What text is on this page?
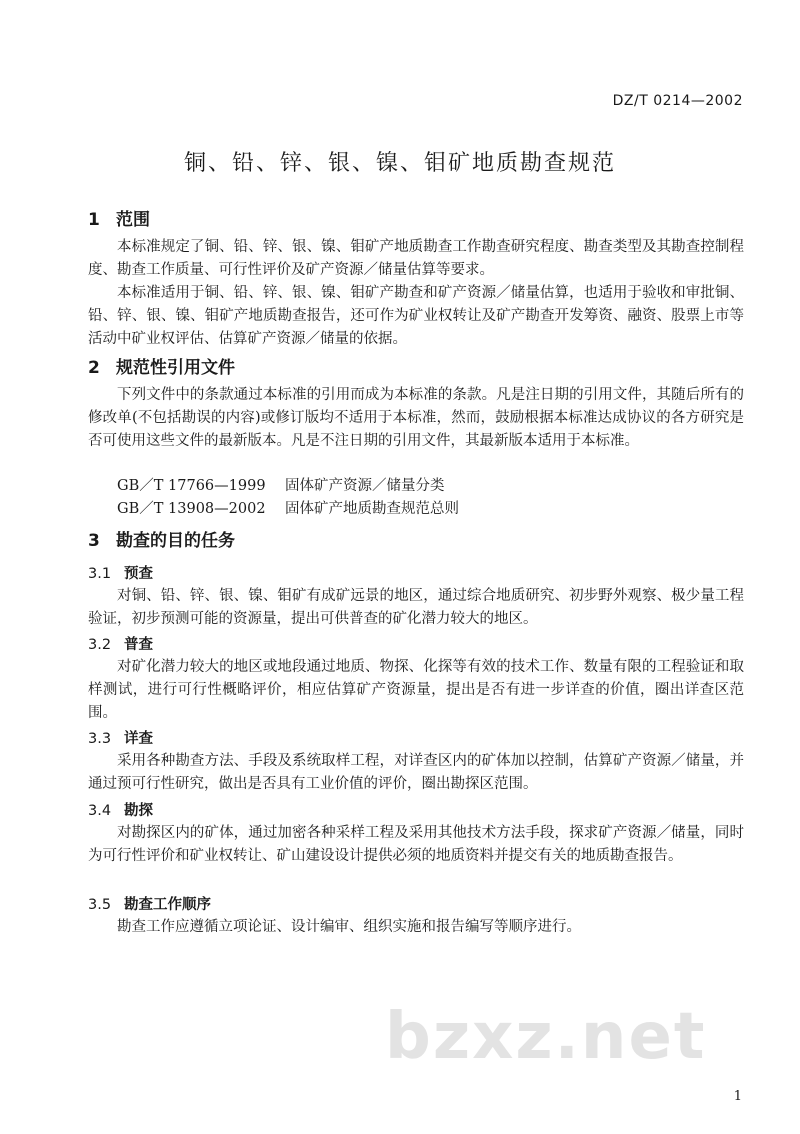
DZ/T 0214—2002
铜、铅、锌、银、镍、钼矿地质勘查规范
1 范围
本标准规定了铜、铅、锌、银、镍、钼矿产地质勘查工作勘查研究程度、勘查类型及其勘查控制程度、勘查工作质量、可行性评价及矿产资源／储量估算等要求。
本标准适用于铜、铅、锌、银、镍、钼矿产勘查和矿产资源／储量估算，也适用于验收和审批铜、铅、锌、银、镍、钼矿产地质勘查报告，还可作为矿业权转让及矿产勘查开发筹资、融资、股票上市等活动中矿业权评估、估算矿产资源／储量的依据。
2 规范性引用文件
下列文件中的条款通过本标准的引用而成为本标准的条款。凡是注日期的引用文件，其随后所有的修改单(不包括勘误的内容)或修订版均不适用于本标准，然而，鼓励根据本标准达成协议的各方研究是否可使用这些文件的最新版本。凡是不注日期的引用文件，其最新版本适用于本标准。
GB／T 17766—1999 固体矿产资源／储量分类
GB／T 13908—2002 固体矿产地质勘查规范总则
3 勘查的目的任务
3.1 预查
对铜、铅、锌、银、镍、钼矿有成矿远景的地区，通过综合地质研究、初步野外观察、极少量工程验证，初步预测可能的资源量，提出可供普查的矿化潜力较大的地区。
3.2 普查
对矿化潜力较大的地区或地段通过地质、物探、化探等有效的技术工作、数量有限的工程验证和取样测试，进行可行性概略评价，相应估算矿产资源量，提出是否有进一步详查的价值，圈出详查区范围。
3.3 详查
采用各种勘查方法、手段及系统取样工程，对详查区内的矿体加以控制，估算矿产资源／储量，并通过预可行性研究，做出是否具有工业价值的评价，圈出勘探区范围。
3.4 勘探
对勘探区内的矿体，通过加密各种采样工程及采用其他技术方法手段，探求矿产资源／储量，同时为可行性评价和矿业权转让、矿山建设设计提供必须的地质资料并提交有关的地质勘查报告。
3.5 勘查工作顺序
勘查工作应遵循立项论证、设计编审、组织实施和报告编写等顺序进行。
bzxz.net
1
